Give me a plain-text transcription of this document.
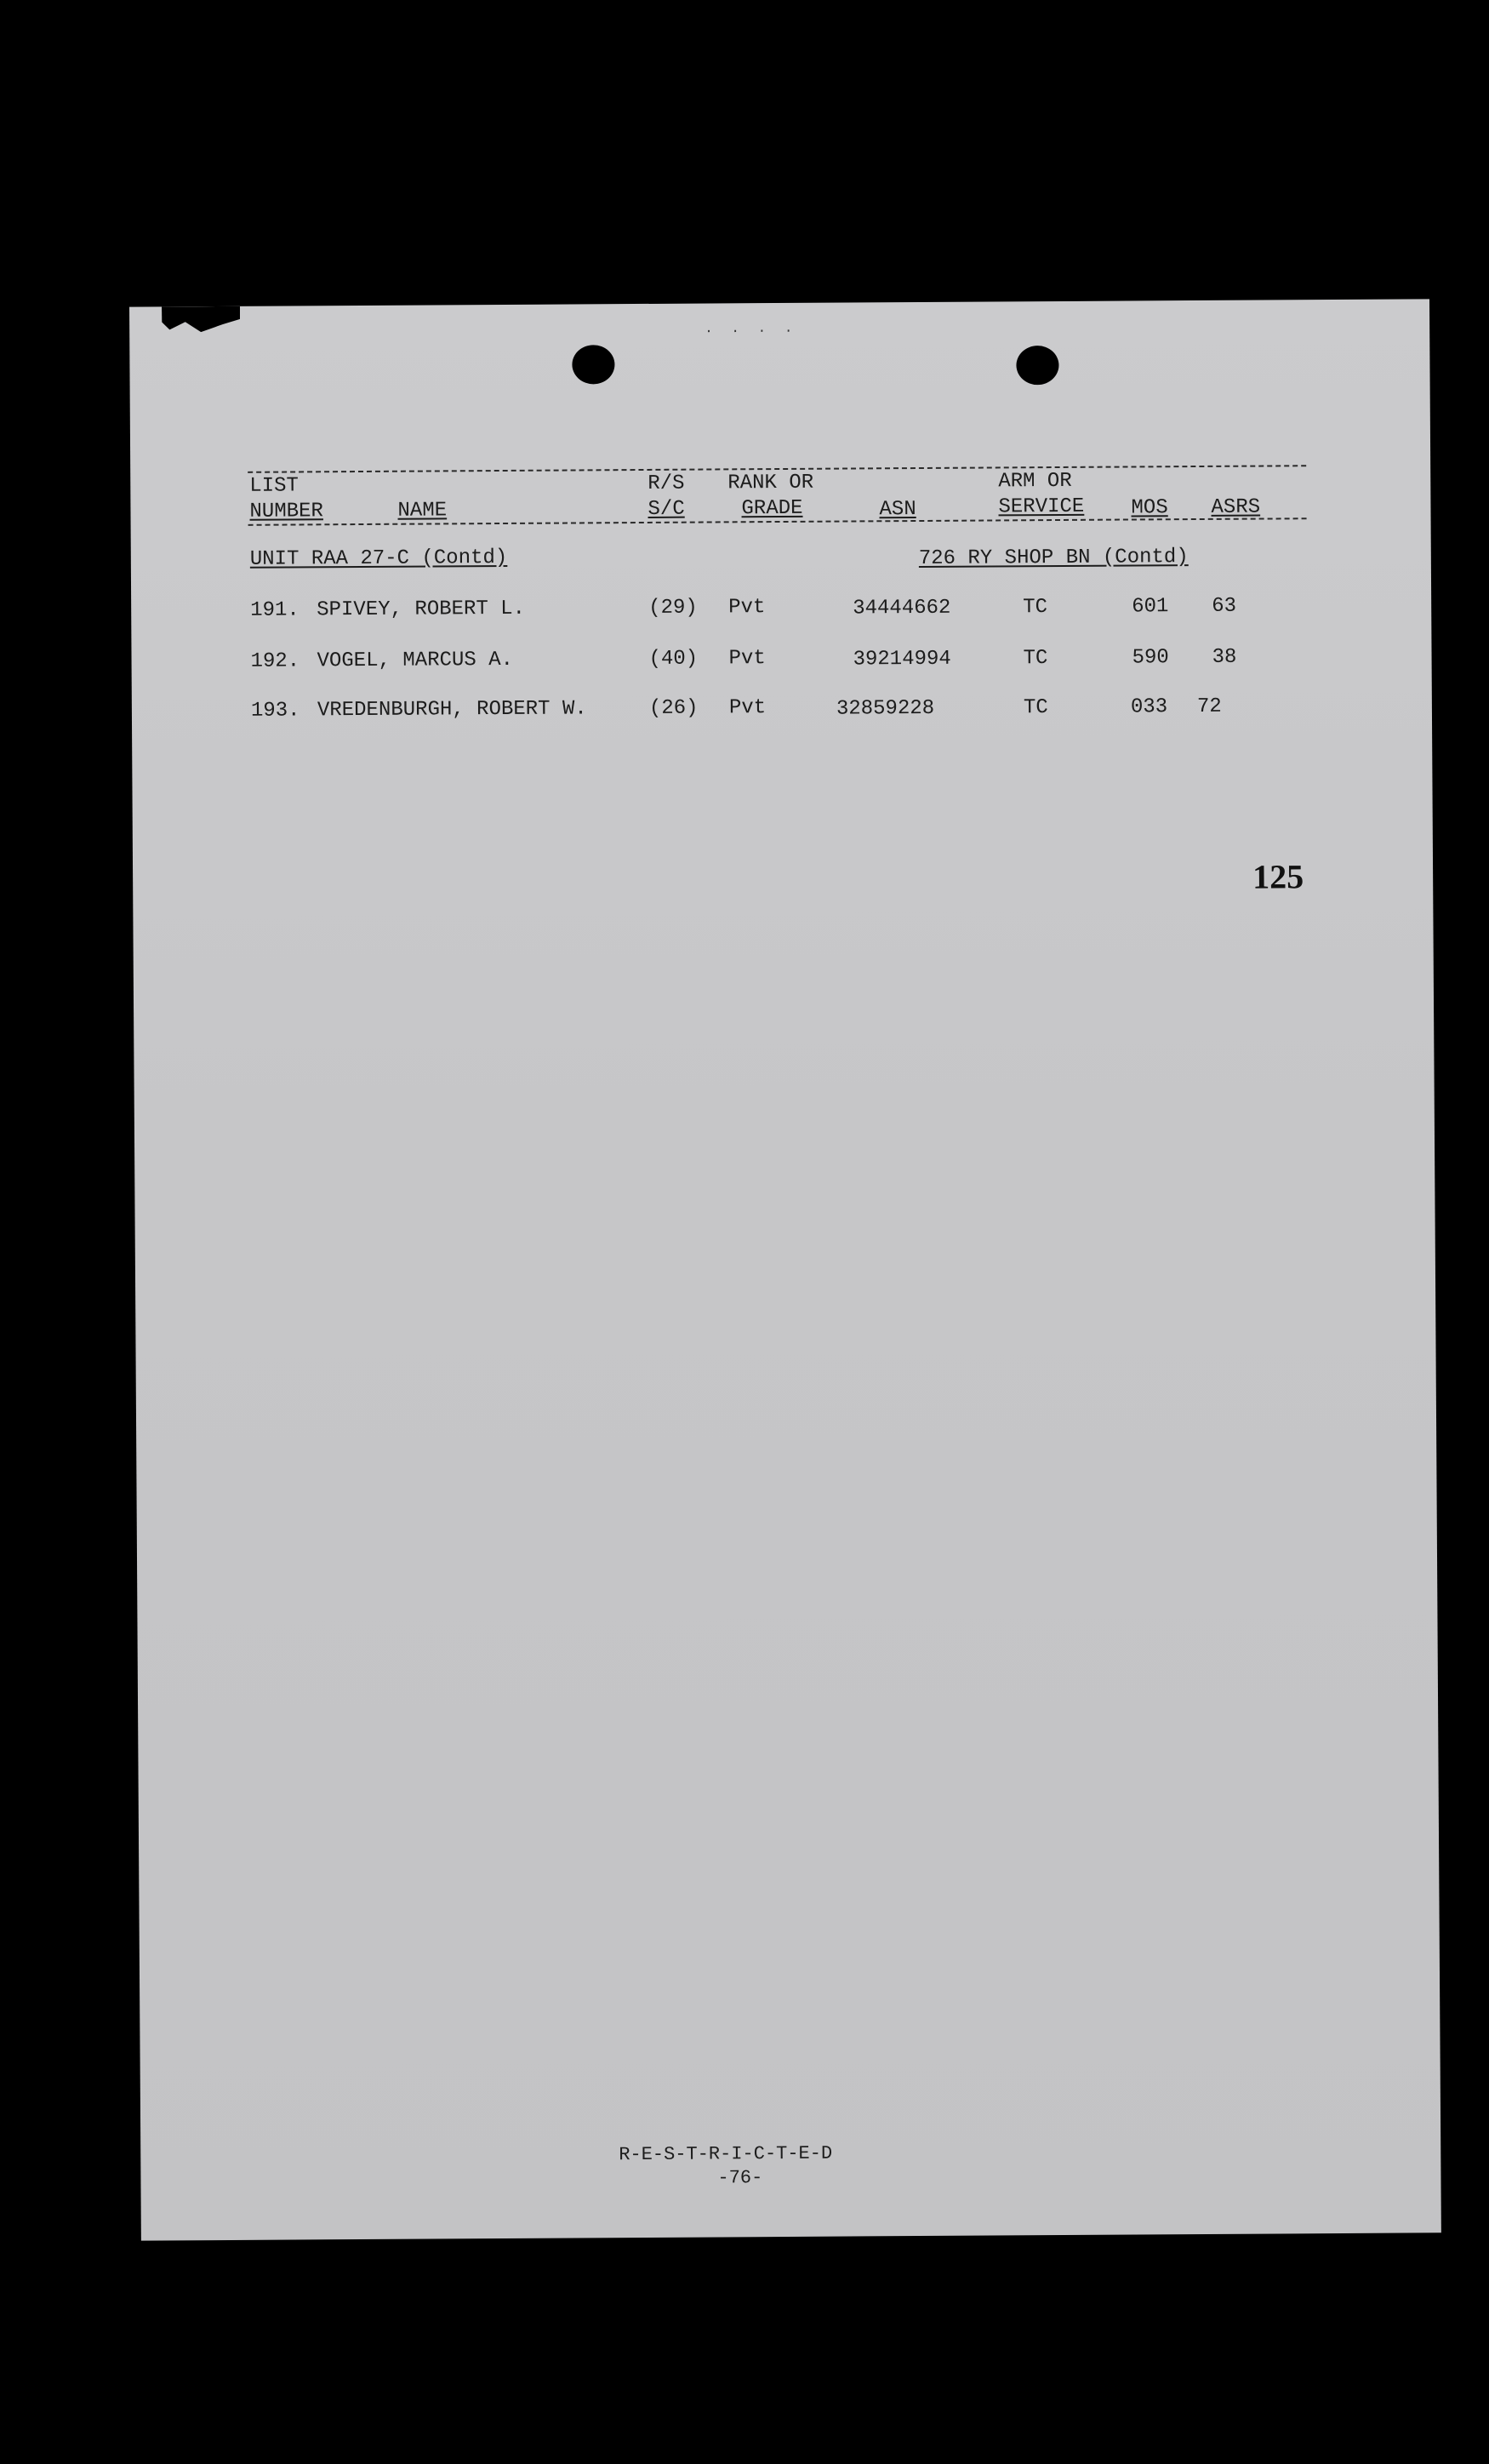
· · · ·
LIST	R/S RANK OR	ARM OR
NUMBER	NAME	S/C	GRADE	ASN	SERVICE MOS ASRS
UNIT RAA 27-C (Contd)	726 RY SHOP BN (Contd)
191. SPIVEY, ROBERT L.	(29) Pvt	34444662	TC	601 63
192. VOGEL, MARCUS A.	(40) Pvt	39214994	TC	590 38
193. VREDENBURGH, ROBERT W.	(26) Pvt	32859228	TC	033 72
125
R-E-S-T-R-I-C-T-E-D
-76-
